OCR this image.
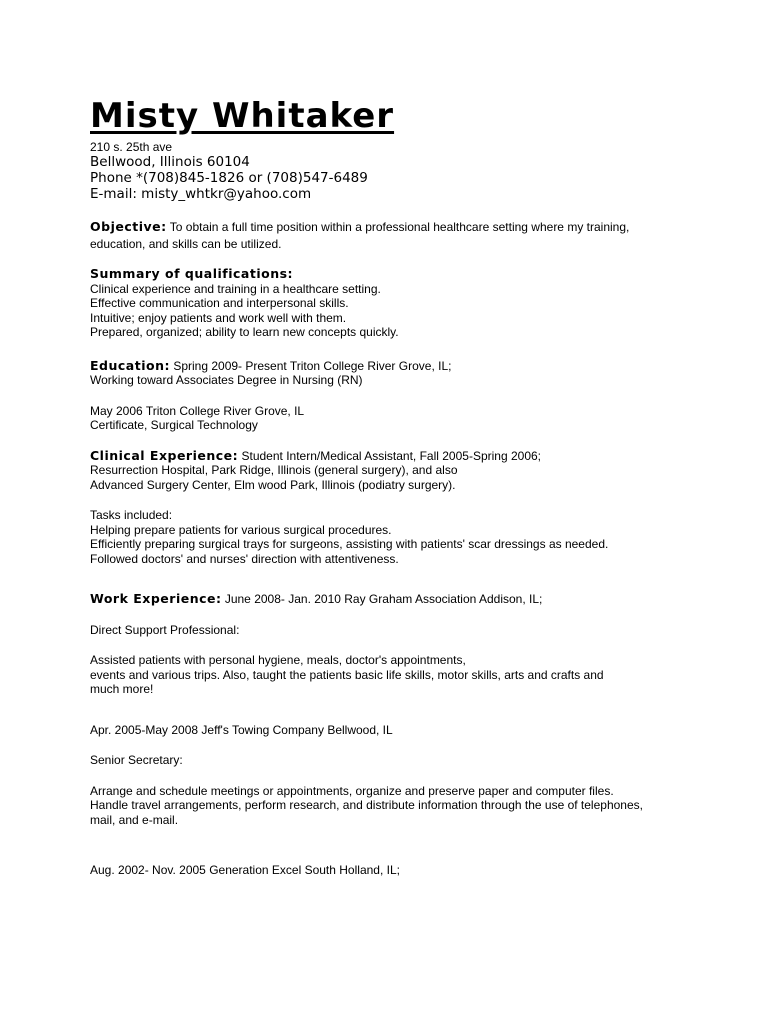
Misty Whitaker
210 s. 25th ave
Bellwood, Illinois 60104
Phone *(708)845-1826 or (708)547-6489
E-mail: misty_whtkr@yahoo.com
Objective: To obtain a full time position within a professional healthcare setting where my training,
education, and skills can be utilized.
Summary of qualifications:
Clinical experience and training in a healthcare setting.
Effective communication and interpersonal skills.
Intuitive; enjoy patients and work well with them.
Prepared, organized; ability to learn new concepts quickly.
Education: Spring 2009- Present Triton College River Grove, IL;
Working toward Associates Degree in Nursing (RN)
May 2006 Triton College River Grove, IL
Certificate, Surgical Technology
Clinical Experience: Student Intern/Medical Assistant, Fall 2005-Spring 2006;
Resurrection Hospital, Park Ridge, Illinois (general surgery), and also
Advanced Surgery Center, Elm wood Park, Illinois (podiatry surgery).
Tasks included:
Helping prepare patients for various surgical procedures.
Efficiently preparing surgical trays for surgeons, assisting with patients' scar dressings as needed.
Followed doctors' and nurses' direction with attentiveness.
Work Experience: June 2008- Jan. 2010 Ray Graham Association Addison, IL;
Direct Support Professional:
Assisted patients with personal hygiene, meals, doctor's appointments,
events and various trips. Also, taught the patients basic life skills, motor skills, arts and crafts and
much more!
Apr. 2005-May 2008 Jeff's Towing Company Bellwood, IL
Senior Secretary:
Arrange and schedule meetings or appointments, organize and preserve paper and computer files.
Handle travel arrangements, perform research, and distribute information through the use of telephones,
mail, and e-mail.
Aug. 2002- Nov. 2005 Generation Excel South Holland, IL;
